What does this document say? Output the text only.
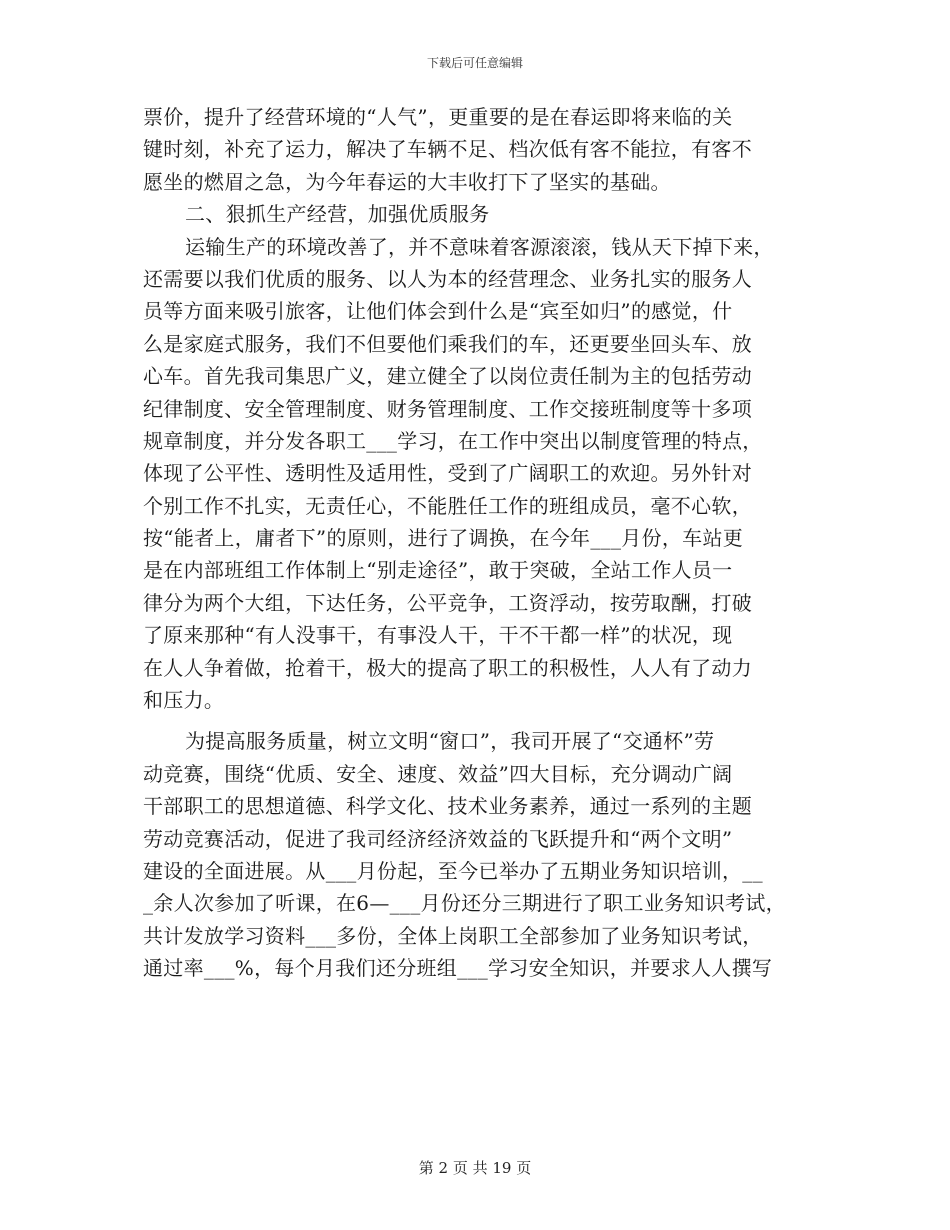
下载后可任意编辑
票价，提升了经营环境的“人气”，更重要的是在春运即将来临的关
键时刻，补充了运力，解决了车辆不足、档次低有客不能拉，有客不
愿坐的燃眉之急，为今年春运的大丰收打下了坚实的基础。
二、狠抓生产经营，加强优质服务
运输生产的环境改善了，并不意味着客源滚滚，钱从天下掉下来，
还需要以我们优质的服务、以人为本的经营理念、业务扎实的服务人
员等方面来吸引旅客，让他们体会到什么是“宾至如归”的感觉，什
么是家庭式服务，我们不但要他们乘我们的车，还更要坐回头车、放
心车。首先我司集思广义，建立健全了以岗位责任制为主的包括劳动
纪律制度、安全管理制度、财务管理制度、工作交接班制度等十多项
规章制度，并分发各职工___学习，在工作中突出以制度管理的特点，
体现了公平性、透明性及适用性，受到了广阔职工的欢迎。另外针对
个别工作不扎实，无责任心，不能胜任工作的班组成员，毫不心软，
按“能者上，庸者下”的原则，进行了调换，在今年___月份，车站更
是在内部班组工作体制上“别走途径”，敢于突破，全站工作人员一
律分为两个大组，下达任务，公平竞争，工资浮动，按劳取酬，打破
了原来那种“有人没事干，有事没人干，干不干都一样”的状况，现
在人人争着做，抢着干，极大的提高了职工的积极性，人人有了动力
和压力。
为提高服务质量，树立文明“窗口”，我司开展了“交通杯”劳
动竞赛，围绕“优质、安全、速度、效益”四大目标，充分调动广阔
干部职工的思想道德、科学文化、技术业务素养，通过一系列的主题
劳动竞赛活动，促进了我司经济经济效益的飞跃提升和“两个文明”
建设的全面进展。从___月份起，至今已举办了五期业务知识培训，__
_余人次参加了听课，在6—___月份还分三期进行了职工业务知识考试，
共计发放学习资料___多份，全体上岗职工全部参加了业务知识考试，
通过率___%，每个月我们还分班组___学习安全知识，并要求人人撰写
第 2 页 共 19 页
